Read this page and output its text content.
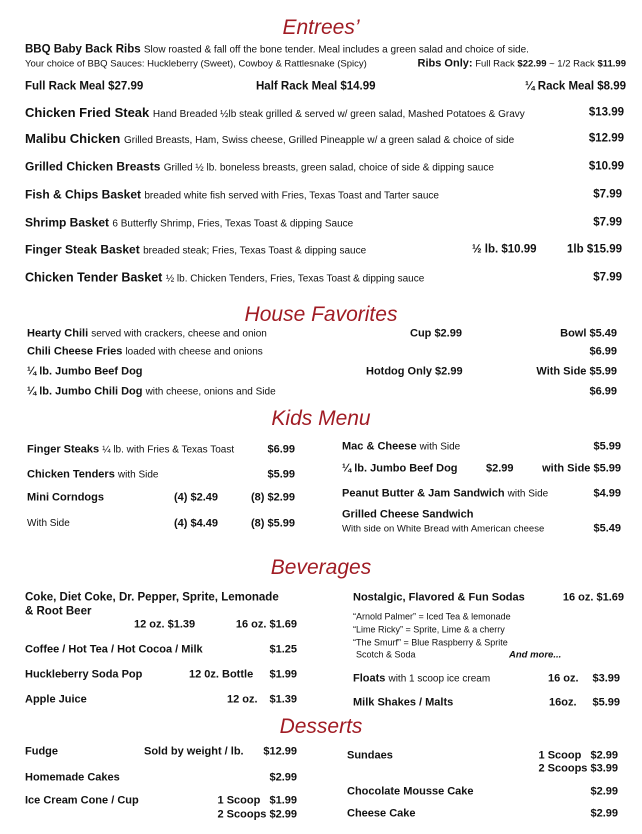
Entrees’
BBQ Baby Back Ribs Slow roasted & fall off the bone tender. Meal includes a green salad and choice of side.
Your choice of BBQ Sauces: Huckleberry (Sweet), Cowboy & Rattlesnake (Spicy)	Ribs Only: Full Rack $22.99 ~ 1/2 Rack $11.99
Full Rack Meal $27.99	Half Rack Meal $14.99	¼ Rack Meal $8.99
Chicken Fried Steak Hand Breaded ½lb steak grilled & served w/ green salad, Mashed Potatoes & Gravy	$13.99
Malibu Chicken Grilled Breasts, Ham, Swiss cheese, Grilled Pineapple w/ a green salad & choice of side	$12.99
Grilled Chicken Breasts Grilled ½ lb. boneless breasts, green salad, choice of side & dipping sauce	$10.99
Fish & Chips Basket breaded white fish served with Fries, Texas Toast and Tarter sauce	$7.99
Shrimp Basket 6 Butterfly Shrimp, Fries, Texas Toast & dipping Sauce	$7.99
Finger Steak Basket breaded steak; Fries, Texas Toast & dipping sauce	½ lb. $10.99	1lb $15.99
Chicken Tender Basket ½ lb. Chicken Tenders, Fries, Texas Toast & dipping sauce	$7.99
House Favorites
Hearty Chili served with crackers, cheese and onion	Cup $2.99	Bowl $5.49
Chili Cheese Fries loaded with cheese and onions	$6.99
¼ lb. Jumbo Beef Dog	Hotdog Only $2.99	With Side $5.99
¼ lb. Jumbo Chili Dog with cheese, onions and Side	$6.99
Kids Menu
Finger Steaks ¼ lb. with Fries & Texas Toast	$6.99
Chicken Tenders with Side	$5.99
Mini Corndogs	(4) $2.49	(8) $2.99
With Side	(4) $4.49	(8) $5.99
Mac & Cheese with Side	$5.99
¼ lb. Jumbo Beef Dog	$2.99	with Side $5.99
Peanut Butter & Jam Sandwich with Side	$4.99
Grilled Cheese Sandwich
With side on White Bread with American cheese	$5.49
Beverages
Coke, Diet Coke, Dr. Pepper, Sprite, Lemonade
& Root Beer
12 oz. $1.39	16 oz. $1.69
Coffee / Hot Tea / Hot Cocoa / Milk	$1.25
Huckleberry Soda Pop	12 0z. Bottle $1.99
Apple Juice	12 oz. $1.39
Nostalgic, Flavored & Fun Sodas	16 oz. $1.69
“Arnold Palmer” = Iced Tea & lemonade
“Lime Ricky” = Sprite, Lime & a cherry
“The Smurf” = Blue Raspberry & Sprite
Scotch & Soda	And more...
Floats with 1 scoop ice cream	16 oz. $3.99
Milk Shakes / Malts	16oz. $5.99
Desserts
Fudge	Sold by weight / lb. $12.99
Homemade Cakes	$2.99
Ice Cream Cone / Cup	1 Scoop   $1.99
2 Scoops $2.99
Sundaes	1 Scoop   $2.99
2 Scoops $3.99
Chocolate Mousse Cake	$2.99
Cheese Cake	$2.99
